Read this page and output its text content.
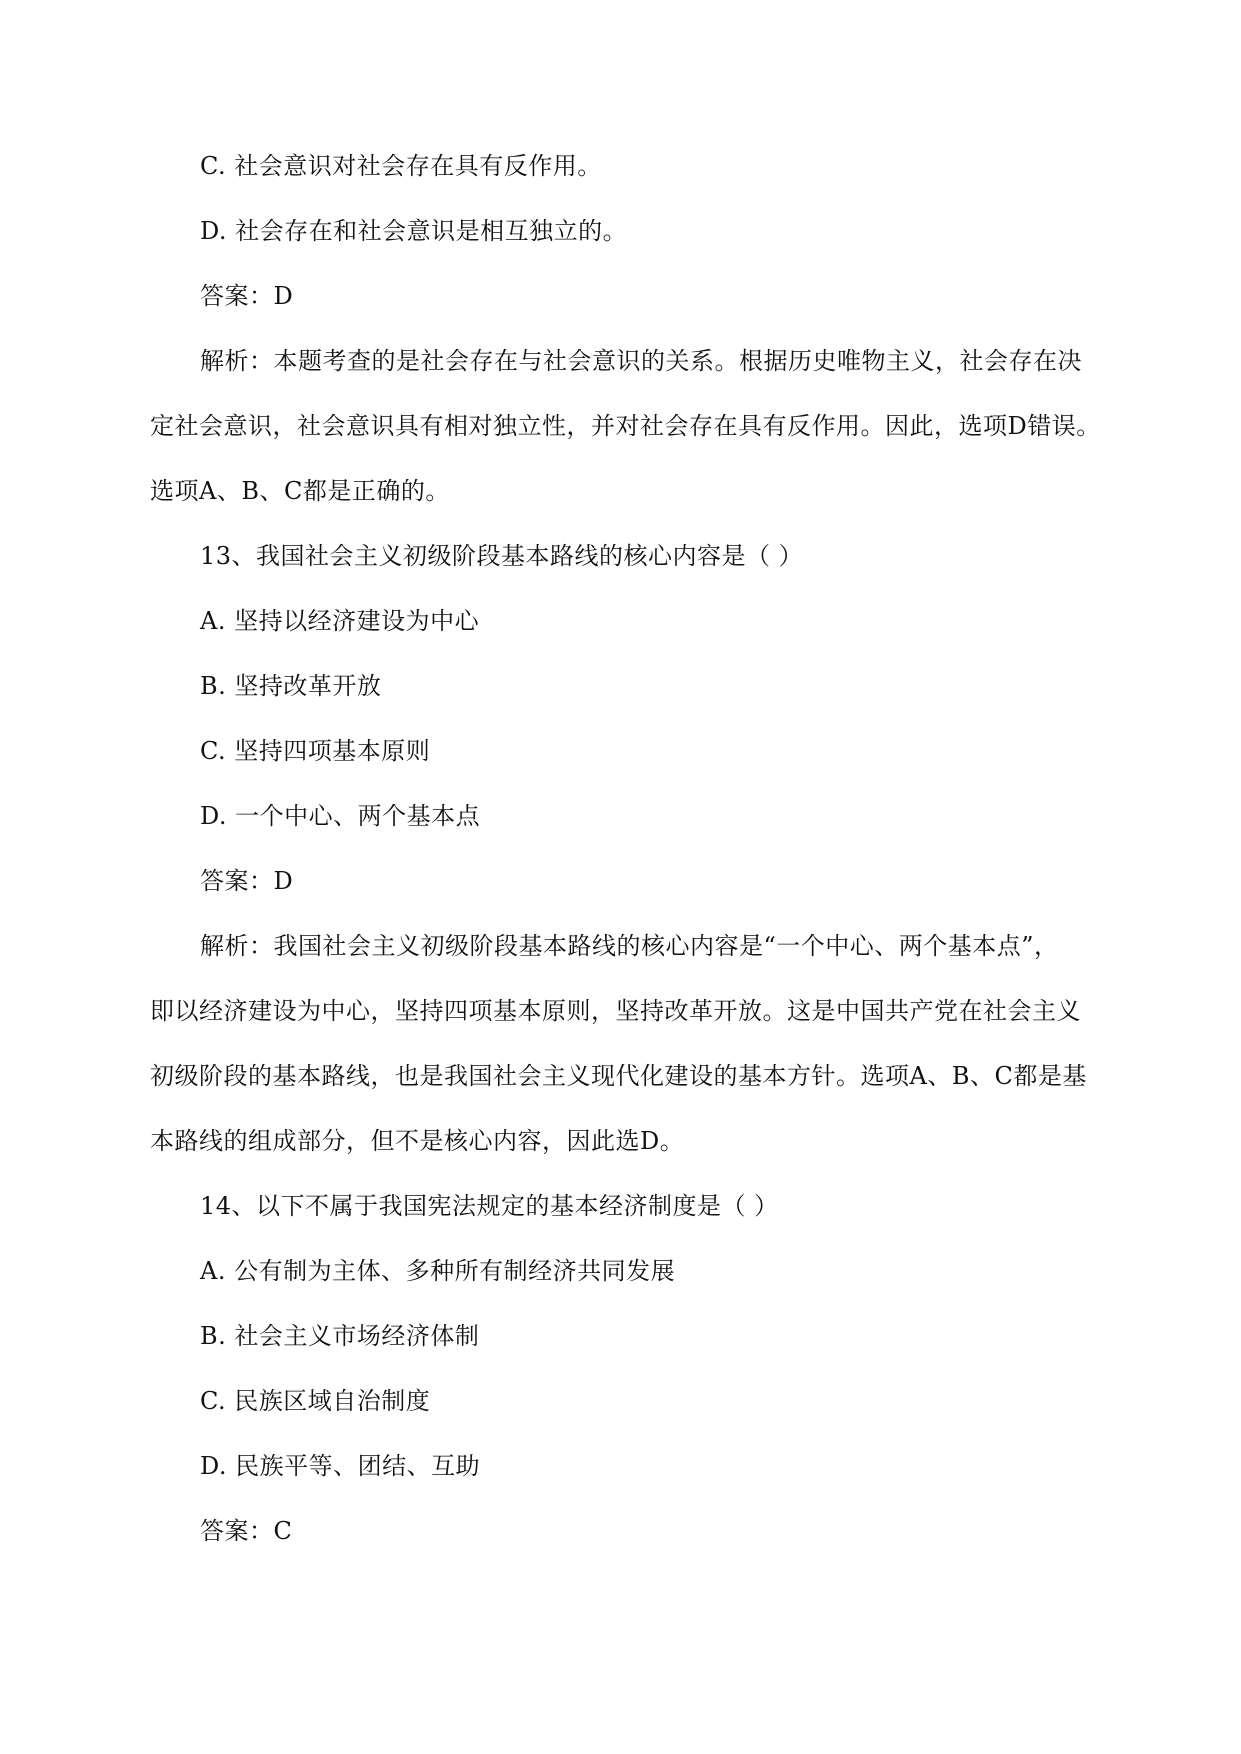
C. 社会意识对社会存在具有反作用。
D. 社会存在和社会意识是相互独立的。
答案：D
解析：本题考查的是社会存在与社会意识的关系。根据历史唯物主义，社会存在决
定社会意识，社会意识具有相对独立性，并对社会存在具有反作用。因此，选项D错误。
选项A、B、C都是正确的。
13、我国社会主义初级阶段基本路线的核心内容是（ ）
A. 坚持以经济建设为中心
B. 坚持改革开放
C. 坚持四项基本原则
D. 一个中心、两个基本点
答案：D
解析：我国社会主义初级阶段基本路线的核心内容是“一个中心、两个基本点”，
即以经济建设为中心，坚持四项基本原则，坚持改革开放。这是中国共产党在社会主义
初级阶段的基本路线，也是我国社会主义现代化建设的基本方针。选项A、B、C都是基
本路线的组成部分，但不是核心内容，因此选D。
14、以下不属于我国宪法规定的基本经济制度是（ ）
A. 公有制为主体、多种所有制经济共同发展
B. 社会主义市场经济体制
C. 民族区域自治制度
D. 民族平等、团结、互助
答案：C
